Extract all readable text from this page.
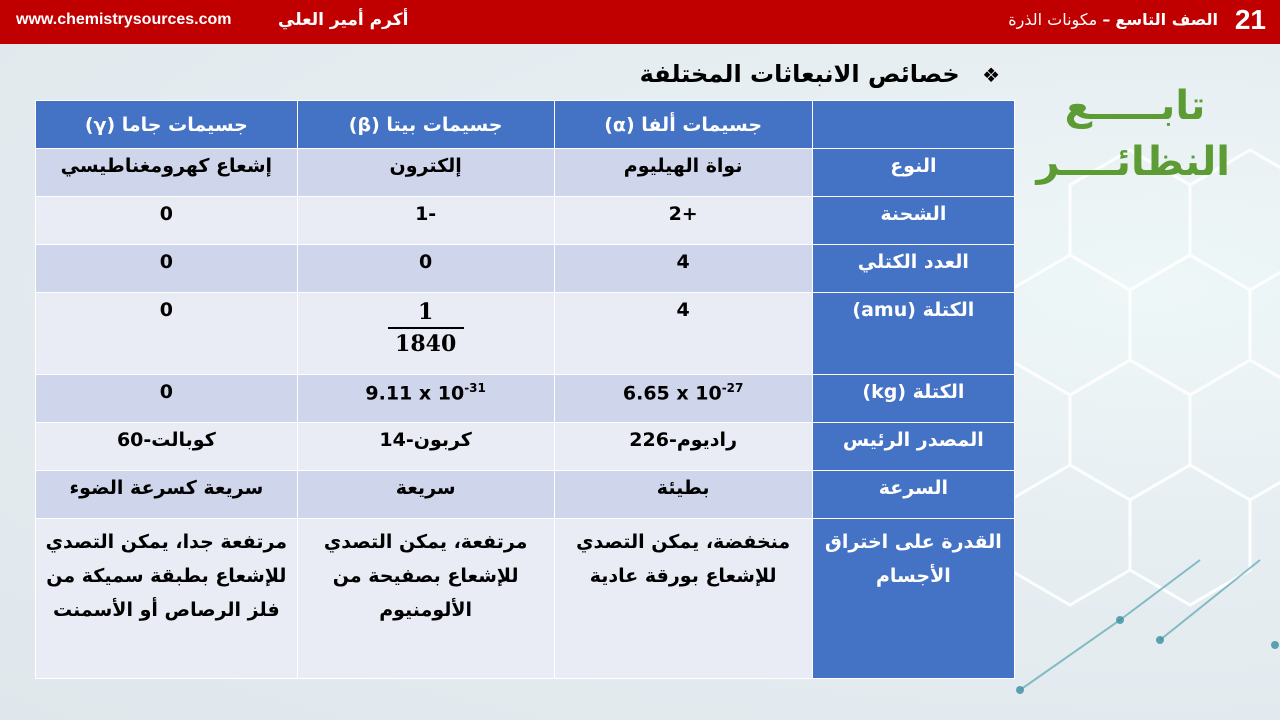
www.chemistrysources.com	أكرم أمير العلي	الصف التاسع – مكونات الذرة	21
❖ خصائص الانبعاثات المختلفة
تابـــــع
النظائــــر
	جسيمات ألفا (α)	جسيمات بيتا (β)	جسيمات جاما (γ)
النوع	نواة الهيليوم	إلكترون	إشعاع كهرومغناطيسي
الشحنة	2+	1-	0
العدد الكتلي	4	0	0
الكتلة (amu)	4	$\frac{1}{1840}$	0
الكتلة (kg)	6.65 x $10^{-27}$	9.11 x $10^{-31}$	0
المصدر الرئيس	راديوم-226	كربون-14	كوبالت-60
السرعة	بطيئة	سريعة	سريعة كسرعة الضوء
القدرة على اختراق الأجسام	منخفضة، يمكن التصدي للإشعاع بورقة عادية	مرتفعة، يمكن التصدي للإشعاع بصفيحة من الألومنيوم	مرتفعة جدا، يمكن التصدي للإشعاع بطبقة سميكة من فلز الرصاص أو الأسمنت
